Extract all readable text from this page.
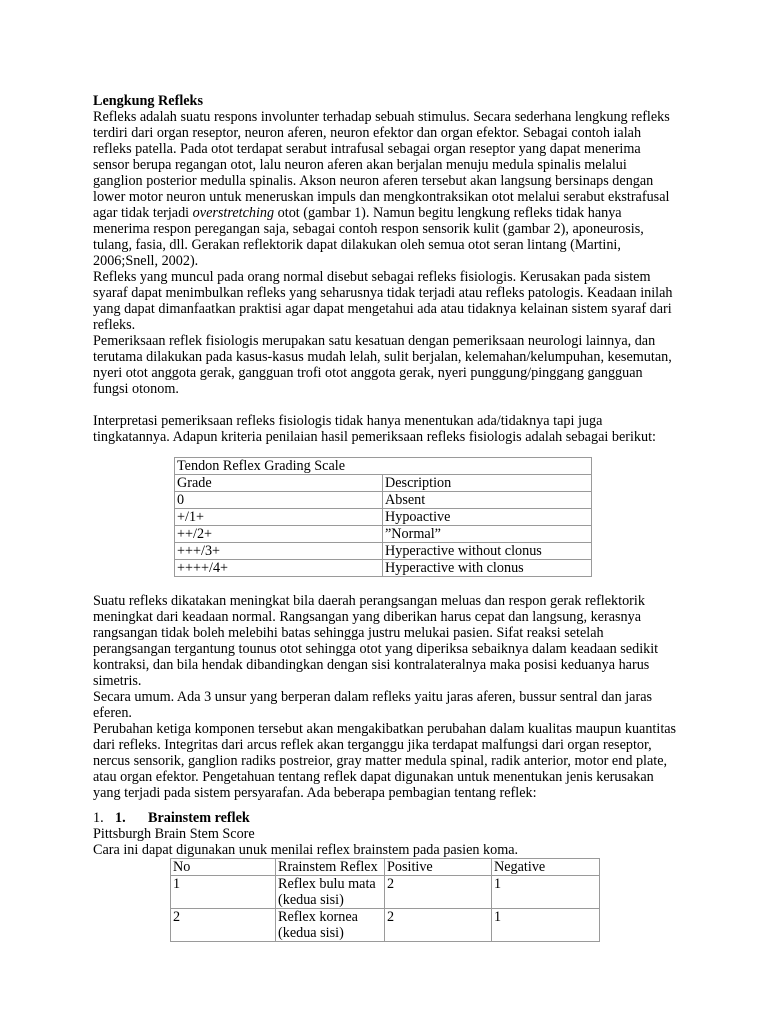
Lengkung Refleks

Refleks adalah suatu respons involunter terhadap sebuah stimulus. Secara sederhana lengkung refleks terdiri dari organ reseptor, neuron aferen, neuron efektor dan organ efektor. Sebagai contoh ialah refleks patella. Pada otot terdapat serabut intrafusal sebagai organ reseptor yang dapat menerima sensor berupa regangan otot, lalu neuron aferen akan berjalan menuju medula spinalis melalui ganglion posterior medulla spinalis. Akson neuron aferen tersebut akan langsung bersinaps dengan lower motor neuron untuk meneruskan impuls dan mengkontraksikan otot melalui serabut ekstrafusal agar tidak terjadi overstretching otot (gambar 1). Namun begitu lengkung refleks tidak hanya menerima respon peregangan saja, sebagai contoh respon sensorik kulit (gambar 2), aponeurosis, tulang, fasia, dll. Gerakan reflektorik dapat dilakukan oleh semua otot seran lintang (Martini, 2006;Snell, 2002).

Refleks yang muncul pada orang normal disebut sebagai refleks fisiologis. Kerusakan pada sistem syaraf dapat menimbulkan refleks yang seharusnya tidak terjadi atau refleks patologis. Keadaan inilah yang dapat dimanfaatkan praktisi agar dapat mengetahui ada atau tidaknya kelainan sistem syaraf dari refleks.

Pemeriksaan reflek fisiologis merupakan satu kesatuan dengan pemeriksaan neurologi lainnya, dan terutama dilakukan pada kasus-kasus mudah lelah, sulit berjalan, kelemahan/kelumpuhan, kesemutan, nyeri otot anggota gerak, gangguan trofi otot anggota gerak, nyeri punggung/pinggang gangguan fungsi otonom.

Interpretasi pemeriksaan refleks fisiologis tidak hanya menentukan ada/tidaknya tapi juga tingkatannya. Adapun kriteria penilaian hasil pemeriksaan refleks fisiologis adalah sebagai berikut:

Tendon Reflex Grading Scale	
Grade	Description
0	Absent
+/1+	Hypoactive
++/2+	”Normal”
+++/3+	Hyperactive without clonus
++++/4+	Hyperactive with clonus

Suatu refleks dikatakan meningkat bila daerah perangsangan meluas dan respon gerak reflektorik meningkat dari keadaan normal. Rangsangan yang diberikan harus cepat dan langsung, kerasnya rangsangan tidak boleh melebihi batas sehingga justru melukai pasien. Sifat reaksi setelah perangsangan tergantung tounus otot sehingga otot yang diperiksa sebaiknya dalam keadaan sedikit kontraksi, dan bila hendak dibandingkan dengan sisi kontralateralnya maka posisi keduanya harus simetris.

Secara umum. Ada 3 unsur yang berperan dalam refleks yaitu jaras aferen, bussur sentral dan jaras eferen.

Perubahan ketiga komponen tersebut akan mengakibatkan perubahan dalam kualitas maupun kuantitas dari refleks. Integritas dari arcus reflek akan terganggu jika terdapat malfungsi dari organ reseptor, nercus sensorik, ganglion radiks postreior, gray matter medula spinal, radik anterior, motor end plate, atau organ efektor. Pengetahuan tentang reflek dapat digunakan untuk menentukan jenis kerusakan yang terjadi pada sistem persyarafan. Ada beberapa pembagian tentang reflek:

1. 1.	Brainstem reflek

Pittsburgh Brain Stem Score

Cara ini dapat digunakan unuk menilai reflex brainstem pada pasien koma.

No	Rrainstem Reflex	Positive	Negative
1	Reflex bulu mata (kedua sisi)	2	1
2	Reflex kornea (kedua sisi)	2	1
